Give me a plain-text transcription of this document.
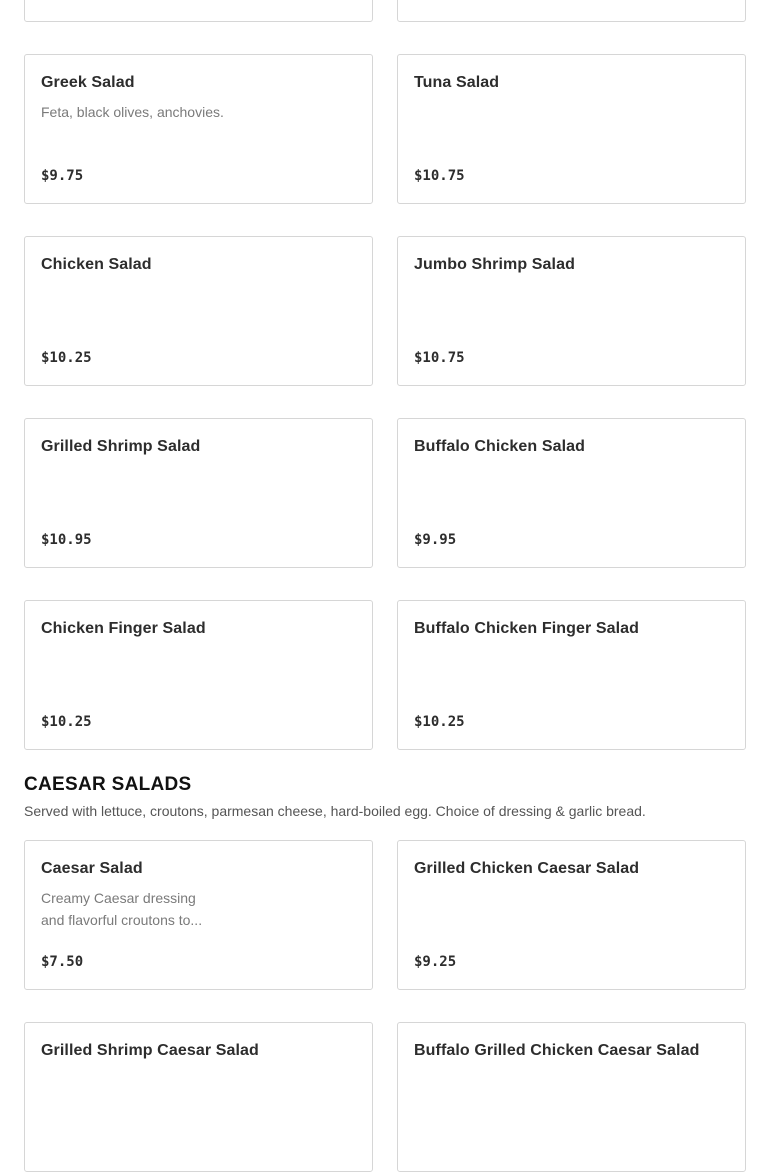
Greek Salad
Feta, black olives, anchovies.
$9.75
Tuna Salad
$10.75
Chicken Salad
$10.25
Jumbo Shrimp Salad
$10.75
Grilled Shrimp Salad
$10.95
Buffalo Chicken Salad
$9.95
Chicken Finger Salad
$10.25
Buffalo Chicken Finger Salad
$10.25
CAESAR SALADS
Served with lettuce, croutons, parmesan cheese, hard-boiled egg. Choice of dressing & garlic bread.
Caesar Salad
Creamy Caesar dressing and flavorful croutons to...
$7.50
Grilled Chicken Caesar Salad
$9.25
Grilled Shrimp Caesar Salad	Buffalo Grilled Chicken Caesar Salad
